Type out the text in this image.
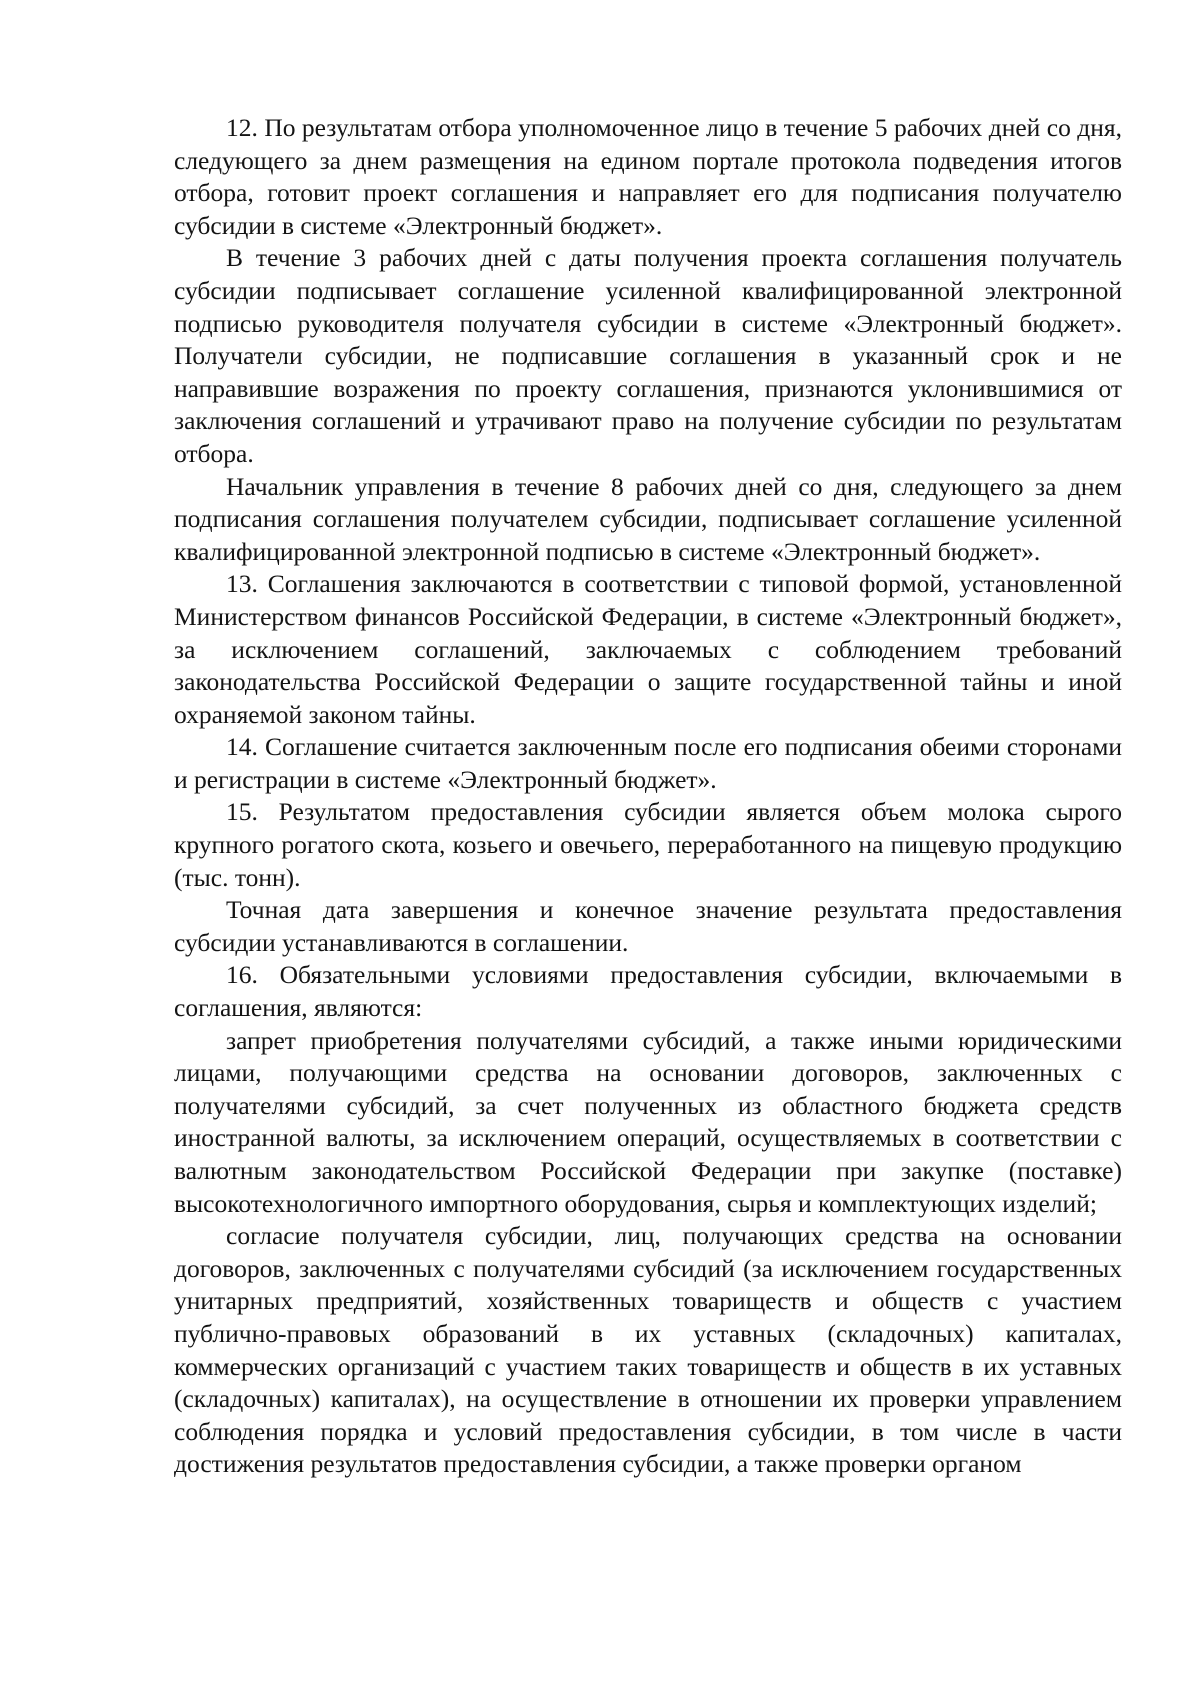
12. По результатам отбора уполномоченное лицо в течение 5 рабочих дней со дня, следующего за днем размещения на едином портале протокола подведения итогов отбора, готовит проект соглашения и направляет его для подписания получателю субсидии в системе «Электронный бюджет».

В течение 3 рабочих дней с даты получения проекта соглашения получатель субсидии подписывает соглашение усиленной квалифицированной электронной подписью руководителя получателя субсидии в системе «Электронный бюджет». Получатели субсидии, не подписавшие соглашения в указанный срок и не направившие возражения по проекту соглашения, признаются уклонившимися от заключения соглашений и утрачивают право на получение субсидии по результатам отбора.

Начальник управления в течение 8 рабочих дней со дня, следующего за днем подписания соглашения получателем субсидии, подписывает соглашение усиленной квалифицированной электронной подписью в системе «Электронный бюджет».

13. Соглашения заключаются в соответствии с типовой формой, установленной Министерством финансов Российской Федерации, в системе «Электронный бюджет», за исключением соглашений, заключаемых с соблюдением требований законодательства Российской Федерации о защите государственной тайны и иной охраняемой законом тайны.

14. Соглашение считается заключенным после его подписания обеими сторонами и регистрации в системе «Электронный бюджет».

15. Результатом предоставления субсидии является объем молока сырого крупного рогатого скота, козьего и овечьего, переработанного на пищевую продукцию (тыс. тонн).

Точная дата завершения и конечное значение результата предоставления субсидии устанавливаются в соглашении.

16. Обязательными условиями предоставления субсидии, включаемыми в соглашения, являются:

запрет приобретения получателями субсидий, а также иными юридическими лицами, получающими средства на основании договоров, заключенных с получателями субсидий, за счет полученных из областного бюджета средств иностранной валюты, за исключением операций, осуществляемых в соответствии с валютным законодательством Российской Федерации при закупке (поставке) высокотехнологичного импортного оборудования, сырья и комплектующих изделий;

согласие получателя субсидии, лиц, получающих средства на основании договоров, заключенных с получателями субсидий (за исключением государственных унитарных предприятий, хозяйственных товариществ и обществ с участием публично-правовых образований в их уставных (складочных) капиталах, коммерческих организаций с участием таких товариществ и обществ в их уставных (складочных) капиталах), на осуществление в отношении их проверки управлением соблюдения порядка и условий предоставления субсидии, в том числе в части достижения результатов предоставления субсидии, а также проверки органом
